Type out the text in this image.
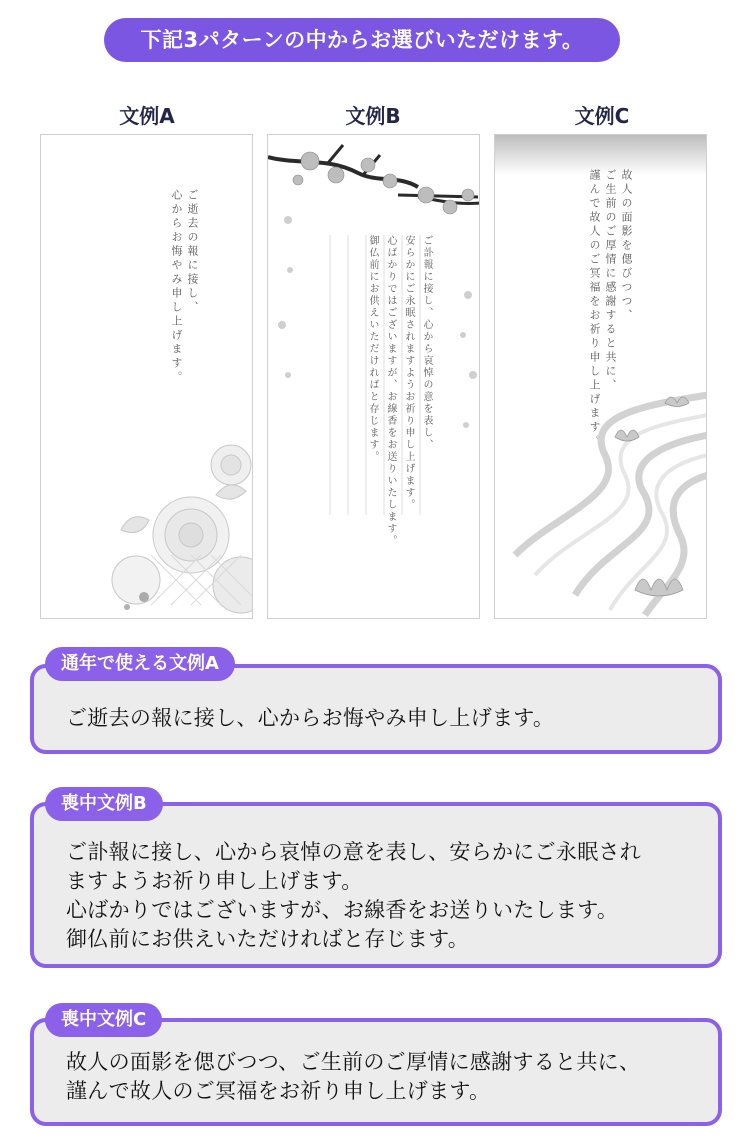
下記3パターンの中からお選びいただけます。
文例A	文例B	文例C
ご逝去の報に接し、
心からお悔やみ申し上げます。	ご訃報に接し、心から哀悼の意を表し、
安らかにご永眠されますようお祈り申し上げます。
心ばかりではございますが、お線香をお送りいたします。
御仏前にお供えいただければと存じます。	故人の面影を偲びつつ、
ご生前のご厚情に感謝すると共に、
謹んで故人のご冥福をお祈り申し上げます。
ご逝去の報に接し、心からお悔やみ申し上げます。
通年で使える文例A
ご訃報に接し、心から哀悼の意を表し、安らかにご永眠され
ますようお祈り申し上げます。
心ばかりではございますが、お線香をお送りいたします。
御仏前にお供えいただければと存じます。
喪中文例B
故人の面影を偲びつつ、ご生前のご厚情に感謝すると共に、
謹んで故人のご冥福をお祈り申し上げます。
喪中文例C
